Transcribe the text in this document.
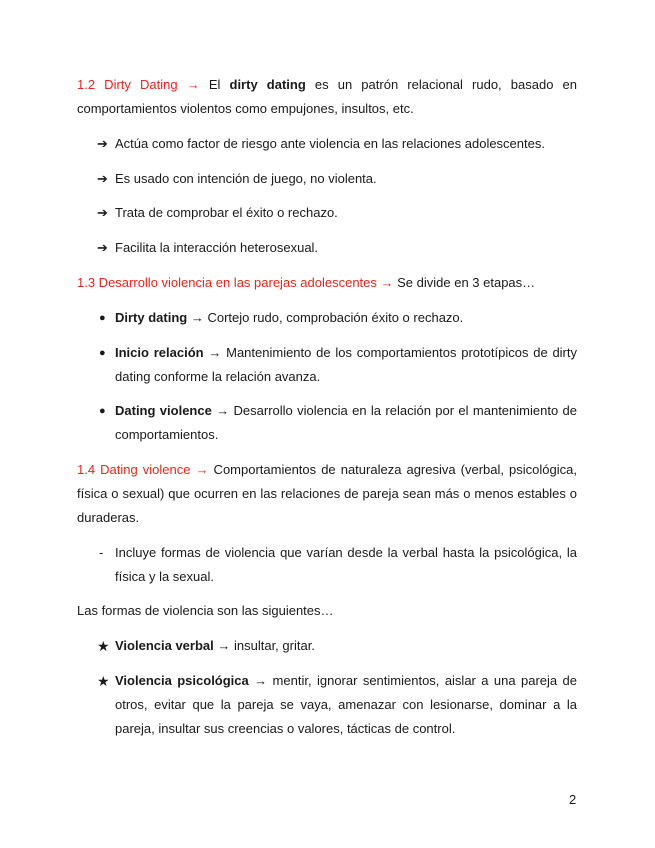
1.2 Dirty Dating → El dirty dating es un patrón relacional rudo, basado en comportamientos violentos como empujones, insultos, etc.
➔ Actúa como factor de riesgo ante violencia en las relaciones adolescentes.
➔ Es usado con intención de juego, no violenta.
➔ Trata de comprobar el éxito o rechazo.
➔ Facilita la interacción heterosexual.
1.3 Desarrollo violencia en las parejas adolescentes → Se divide en 3 etapas…
● Dirty dating → Cortejo rudo, comprobación éxito o rechazo.
● Inicio relación → Mantenimiento de los comportamientos prototípicos de dirty dating conforme la relación avanza.
● Dating violence → Desarrollo violencia en la relación por el mantenimiento de comportamientos.
1.4 Dating violence → Comportamientos de naturaleza agresiva (verbal, psicológica, física o sexual) que ocurren en las relaciones de pareja sean más o menos estables o duraderas.
- Incluye formas de violencia que varían desde la verbal hasta la psicológica, la física y la sexual.
Las formas de violencia son las siguientes…
★ Violencia verbal → insultar, gritar.
★ Violencia psicológica → mentir, ignorar sentimientos, aislar a una pareja de otros, evitar que la pareja se vaya, amenazar con lesionarse, dominar a la pareja, insultar sus creencias o valores, tácticas de control.
2
